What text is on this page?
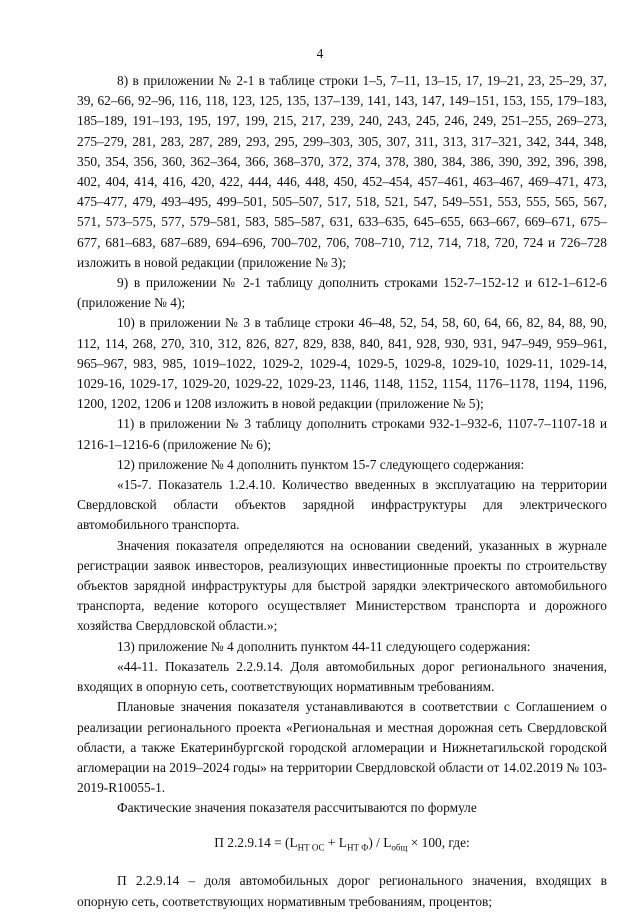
4

8) в приложении № 2-1 в таблице строки 1–5, 7–11, 13–15, 17, 19–21, 23, 25–29, 37, 39, 62–66, 92–96, 116, 118, 123, 125, 135, 137–139, 141, 143, 147, 149–151, 153, 155, 179–183, 185–189, 191–193, 195, 197, 199, 215, 217, 239, 240, 243, 245, 246, 249, 251–255, 269–273, 275–279, 281, 283, 287, 289, 293, 295, 299–303, 305, 307, 311, 313, 317–321, 342, 344, 348, 350, 354, 356, 360, 362–364, 366, 368–370, 372, 374, 378, 380, 384, 386, 390, 392, 396, 398, 402, 404, 414, 416, 420, 422, 444, 446, 448, 450, 452–454, 457–461, 463–467, 469–471, 473, 475–477, 479, 493–495, 499–501, 505–507, 517, 518, 521, 547, 549–551, 553, 555, 565, 567, 571, 573–575, 577, 579–581, 583, 585–587, 631, 633–635, 645–655, 663–667, 669–671, 675–677, 681–683, 687–689, 694–696, 700–702, 706, 708–710, 712, 714, 718, 720, 724 и 726–728 изложить в новой редакции (приложение № 3);

9) в приложении № 2-1 таблицу дополнить строками 152-7–152-12 и 612-1–612-6 (приложение № 4);

10) в приложении № 3 в таблице строки 46–48, 52, 54, 58, 60, 64, 66, 82, 84, 88, 90, 112, 114, 268, 270, 310, 312, 826, 827, 829, 838, 840, 841, 928, 930, 931, 947–949, 959–961, 965–967, 983, 985, 1019–1022, 1029-2, 1029-4, 1029-5, 1029-8, 1029-10, 1029-11, 1029-14, 1029-16, 1029-17, 1029-20, 1029-22, 1029-23, 1146, 1148, 1152, 1154, 1176–1178, 1194, 1196, 1200, 1202, 1206 и 1208 изложить в новой редакции (приложение № 5);

11) в приложении № 3 таблицу дополнить строками 932-1–932-6, 1107-7–1107-18 и 1216-1–1216-6 (приложение № 6);

12) приложение № 4 дополнить пунктом 15-7 следующего содержания:

«15-7. Показатель 1.2.4.10. Количество введенных в эксплуатацию на территории Свердловской области объектов зарядной инфраструктуры для электрического автомобильного транспорта.

Значения показателя определяются на основании сведений, указанных в журнале регистрации заявок инвесторов, реализующих инвестиционные проекты по строительству объектов зарядной инфраструктуры для быстрой зарядки электрического автомобильного транспорта, ведение которого осуществляет Министерством транспорта и дорожного хозяйства Свердловской области.»;

13) приложение № 4 дополнить пунктом 44-11 следующего содержания:

«44-11. Показатель 2.2.9.14. Доля автомобильных дорог регионального значения, входящих в опорную сеть, соответствующих нормативным требованиям.

Плановые значения показателя устанавливаются в соответствии с Соглашением о реализации регионального проекта «Региональная и местная дорожная сеть Свердловской области, а также Екатеринбургской городской агломерации и Нижнетагильской городской агломерации на 2019–2024 годы» на территории Свердловской области от 14.02.2019 № 103-2019-R10055-1.

Фактические значения показателя рассчитываются по формуле

П $2.2.9.14 = (L_{НТ ОС} + L_{НТ Ф}) / L_{общ} \times 100$, где:

П 2.2.9.14 – доля автомобильных дорог регионального значения, входящих в опорную сеть, соответствующих нормативным требованиям, процентов;
